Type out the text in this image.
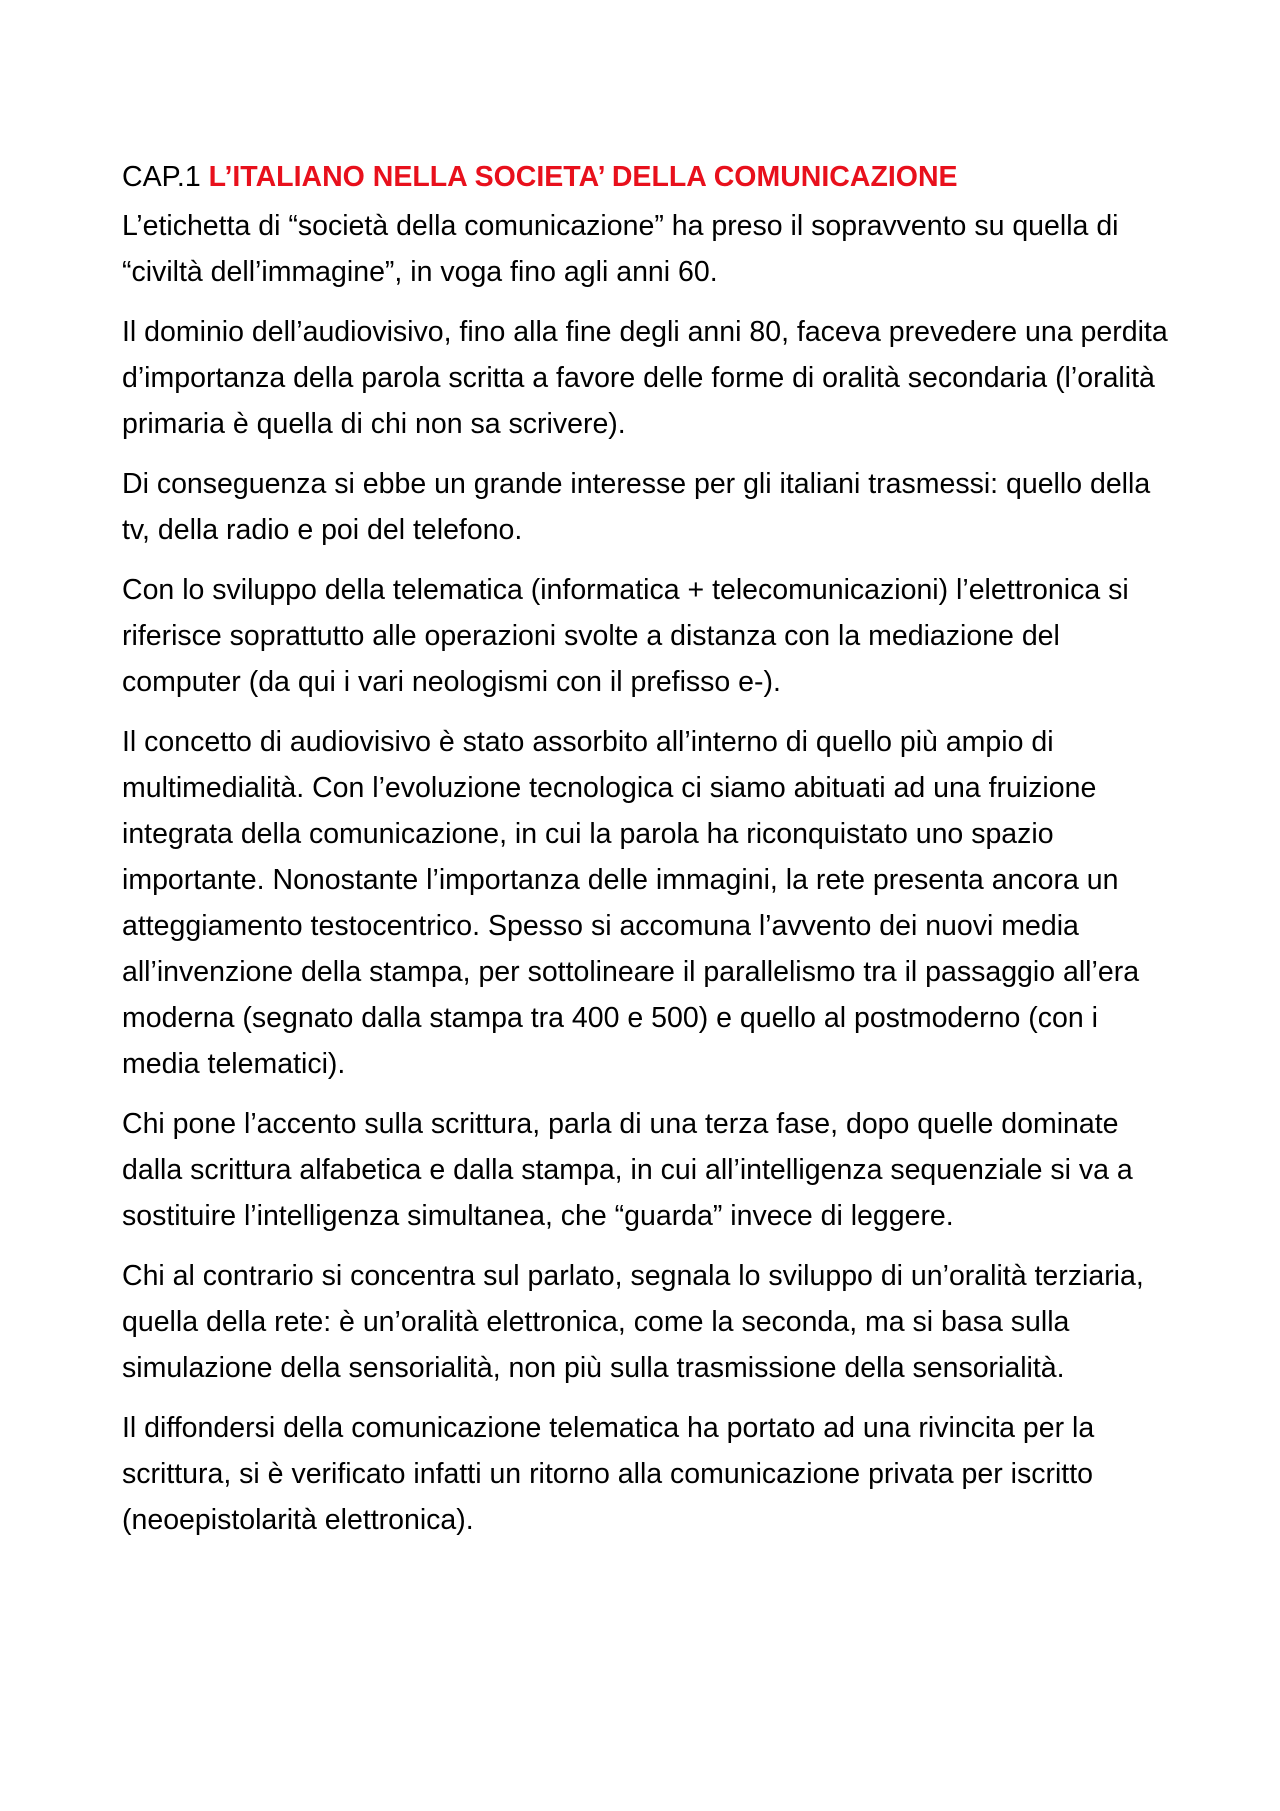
CAP.1 L’ITALIANO NELLA SOCIETA’ DELLA COMUNICAZIONE

L’etichetta di “società della comunicazione” ha preso il sopravvento su quella di “civiltà dell’immagine”, in voga fino agli anni 60.

Il dominio dell’audiovisivo, fino alla fine degli anni 80, faceva prevedere una perdita d’importanza della parola scritta a favore delle forme di oralità secondaria (l’oralità primaria è quella di chi non sa scrivere).

Di conseguenza si ebbe un grande interesse per gli italiani trasmessi: quello della tv, della radio e poi del telefono.

Con lo sviluppo della telematica (informatica + telecomunicazioni) l’elettronica si riferisce soprattutto alle operazioni svolte a distanza con la mediazione del computer (da qui i vari neologismi con il prefisso e-).

Il concetto di audiovisivo è stato assorbito all’interno di quello più ampio di multimedialità. Con l’evoluzione tecnologica ci siamo abituati ad una fruizione integrata della comunicazione, in cui la parola ha riconquistato uno spazio importante. Nonostante l’importanza delle immagini, la rete presenta ancora un atteggiamento testocentrico. Spesso si accomuna l’avvento dei nuovi media all’invenzione della stampa, per sottolineare il parallelismo tra il passaggio all’era moderna (segnato dalla stampa tra 400 e 500) e quello al postmoderno (con i media telematici).

Chi pone l’accento sulla scrittura, parla di una terza fase, dopo quelle dominate dalla scrittura alfabetica e dalla stampa, in cui all’intelligenza sequenziale si va a sostituire l’intelligenza simultanea, che “guarda” invece di leggere.

Chi al contrario si concentra sul parlato, segnala lo sviluppo di un’oralità terziaria, quella della rete: è un’oralità elettronica, come la seconda, ma si basa sulla simulazione della sensorialità, non più sulla trasmissione della sensorialità.

Il diffondersi della comunicazione telematica ha portato ad una rivincita per la scrittura, si è verificato infatti un ritorno alla comunicazione privata per iscritto (neoepistolarità elettronica).
